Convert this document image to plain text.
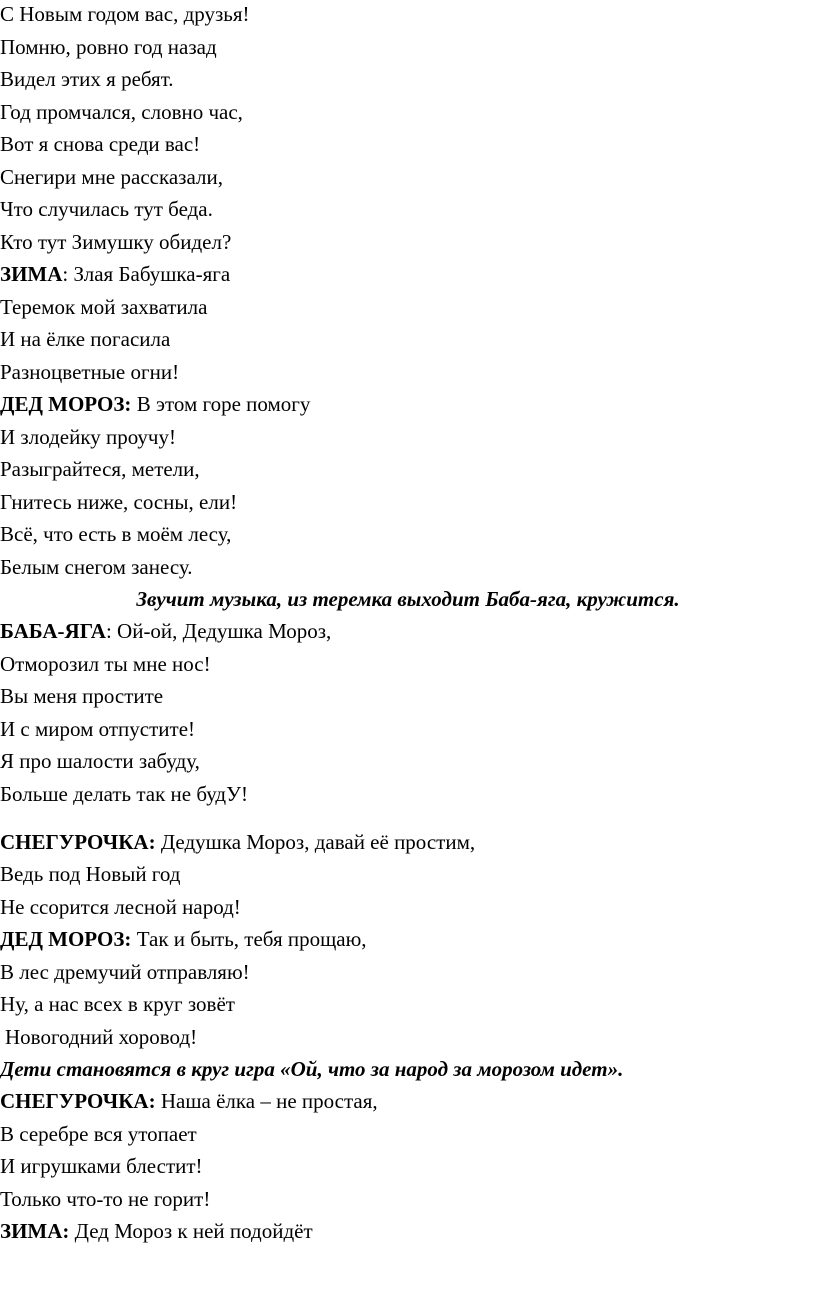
С Новым годом вас, друзья!
Помню, ровно год назад
Видел этих я ребят.
Год промчался, словно час,
Вот я снова среди вас!
Снегири мне рассказали,
Что случилась тут беда.
Кто тут Зимушку обидел?
ЗИМА: Злая Бабушка-яга
Теремок мой захватила
И на ёлке погасила
Разноцветные огни!
ДЕД МОРОЗ: В этом горе помогу
И злодейку проучу!
Разыграйтеся, метели,
Гнитесь ниже, сосны, ели!
Всё, что есть в моём лесу,
Белым снегом занесу.
Звучит музыка, из теремка выходит Баба-яга, кружится.
БАБА-ЯГА: Ой-ой, Дедушка Мороз,
Отморозил ты мне нос!
Вы меня простите
И с миром отпустите!
Я про шалости забуду,
Больше делать так не будУ!
СНЕГУРОЧКА: Дедушка Мороз, давай её простим,
Ведь под Новый год
Не ссорится лесной народ!
ДЕД МОРОЗ: Так и быть, тебя прощаю,
В лес дремучий отправляю!
Ну, а нас всех в круг зовёт
Новогодний хоровод!
Дети становятся в круг игра «Ой, что за народ за морозом идет».
СНЕГУРОЧКА: Наша ёлка – не простая,
В серебре вся утопает
И игрушками блестит!
Только что-то не горит!
ЗИМА: Дед Мороз к ней подойдёт
